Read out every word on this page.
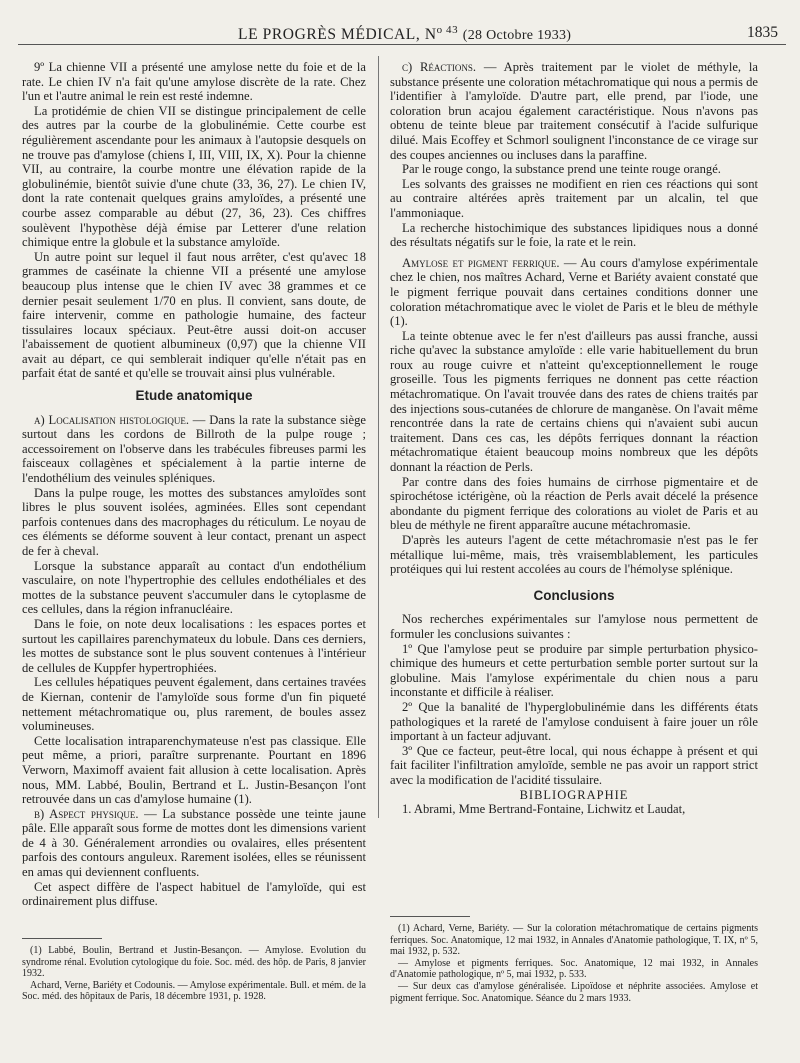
LE PROGRÈS MÉDICAL, $N^{o 43}$ (28 Octobre 1933)	1835

9º La chienne VII a présenté une amylose nette du foie et de la rate. Le chien IV n'a fait qu'une amylose discrète de la rate. Chez l'un et l'autre animal le rein est resté indemne.

La protidémie de chien VII se distingue principalement de celle des autres par la courbe de la globulinémie. Cette courbe est régulièrement ascendante pour les animaux à l'autopsie desquels on ne trouve pas d'amylose (chiens I, III, VIII, IX, X). Pour la chienne VII, au contraire, la courbe montre une élévation rapide de la globulinémie, bientôt suivie d'une chute (33, 36, 27). Le chien IV, dont la rate contenait quelques grains amyloïdes, a présenté une courbe assez comparable au début (27, 36, 23). Ces chiffres soulèvent l'hypothèse déjà émise par Letterer d'une relation chimique entre la globule et la substance amyloïde.

Un autre point sur lequel il faut nous arrêter, c'est qu'avec 18 grammes de caséinate la chienne VII a présenté une amylose beaucoup plus intense que le chien IV avec 38 grammes et ce dernier pesait seulement 1/70 en plus. Il convient, sans doute, de faire intervenir, comme en pathologie humaine, des facteur tissulaires locaux spéciaux. Peut-être aussi doit-on accuser l'abaissement de quotient albumineux (0,97) que la chienne VII avait au départ, ce qui semblerait indiquer qu'elle n'était pas en parfait état de santé et qu'elle se trouvait ainsi plus vulnérable.

Etude anatomique

a) Localisation histologique. — Dans la rate la substance siège surtout dans les cordons de Billroth de la pulpe rouge ; accessoirement on l'observe dans les trabécules fibreuses parmi les faisceaux collagènes et spécialement à la partie interne de l'endothélium des veinules spléniques.

Dans la pulpe rouge, les mottes des substances amyloïdes sont libres le plus souvent isolées, agminées. Elles sont cependant parfois contenues dans des macrophages du réticulum. Le noyau de ces éléments se déforme souvent à leur contact, prenant un aspect de fer à cheval.

Lorsque la substance apparaît au contact d'un endothélium vasculaire, on note l'hypertrophie des cellules endothéliales et des mottes de la substance peuvent s'accumuler dans le cytoplasme de ces cellules, dans la région infranucléaire.

Dans le foie, on note deux localisations : les espaces portes et surtout les capillaires parenchymateux du lobule. Dans ces derniers, les mottes de substance sont le plus souvent contenues à l'intérieur de cellules de Kuppfer hypertrophiées.

Les cellules hépatiques peuvent également, dans certaines travées de Kiernan, contenir de l'amyloïde sous forme d'un fin piqueté nettement métachromatique ou, plus rarement, de boules assez volumineuses.

Cette localisation intraparenchymateuse n'est pas classique. Elle peut même, a priori, paraître surprenante. Pourtant en 1896 Verworn, Maximoff avaient fait allusion à cette localisation. Après nous, MM. Labbé, Boulin, Bertrand et L. Justin-Besançon l'ont retrouvée dans un cas d'amylose humaine (1).

b) Aspect physique. — La substance possède une teinte jaune pâle. Elle apparaît sous forme de mottes dont les dimensions varient de 4 à 30. Généralement arrondies ou ovalaires, elles présentent parfois des contours anguleux. Rarement isolées, elles se réunissent en amas qui deviennent confluents.

Cet aspect diffère de l'aspect habituel de l'amyloïde, qui est ordinairement plus diffuse.

(1) Labbé, Boulin, Bertrand et Justin-Besançon. — Amylose. Evolution du syndrome rénal. Evolution cytologique du foie. Soc. méd. des hôp. de Paris, 8 janvier 1932.

Achard, Verne, Bariéty et Codounis. — Amylose expérimentale. Bull. et mém. de la Soc. méd. des hôpitaux de Paris, 18 décembre 1931, p. 1928.

c) Réactions. — Après traitement par le violet de méthyle, la substance présente une coloration métachromatique qui nous a permis de l'identifier à l'amyloïde. D'autre part, elle prend, par l'iode, une coloration brun acajou également caractéristique. Nous n'avons pas obtenu de teinte bleue par traitement consécutif à l'acide sulfurique dilué. Mais Ecoffey et Schmorl soulignent l'inconstance de ce virage sur des coupes anciennes ou incluses dans la paraffine.

Par le rouge congo, la substance prend une teinte rouge orangé.

Les solvants des graisses ne modifient en rien ces réactions qui sont au contraire altérées après traitement par un alcalin, tel que l'ammoniaque.

La recherche histochimique des substances lipidiques nous a donné des résultats négatifs sur le foie, la rate et le rein.

Amylose et pigment ferrique. — Au cours d'amylose expérimentale chez le chien, nos maîtres Achard, Verne et Bariéty avaient constaté que le pigment ferrique pouvait dans certaines conditions donner une coloration métachromatique avec le violet de Paris et le bleu de méthyle (1).

La teinte obtenue avec le fer n'est d'ailleurs pas aussi franche, aussi riche qu'avec la substance amyloïde : elle varie habituellement du brun roux au rouge cuivre et n'atteint qu'exceptionnellement le rouge groseille. Tous les pigments ferriques ne donnent pas cette réaction métachromatique. On l'avait trouvée dans des rates de chiens traités par des injections sous-cutanées de chlorure de manganèse. On l'avait même rencontrée dans la rate de certains chiens qui n'avaient subi aucun traitement. Dans ces cas, les dépôts ferriques donnant la réaction métachromatique étaient beaucoup moins nombreux que les dépôts donnant la réaction de Perls.

Par contre dans des foies humains de cirrhose pigmentaire et de spirochétose ictérigène, où la réaction de Perls avait décelé la présence abondante du pigment ferrique des colorations au violet de Paris et au bleu de méthyle ne firent apparaître aucune métachromasie.

D'après les auteurs l'agent de cette métachromasie n'est pas le fer métallique lui-même, mais, très vraisemblablement, les particules protéiques qui lui restent accolées au cours de l'hémolyse splénique.

Conclusions

Nos recherches expérimentales sur l'amylose nous permettent de formuler les conclusions suivantes :

1º Que l'amylose peut se produire par simple perturbation physico-chimique des humeurs et cette perturbation semble porter surtout sur la globuline. Mais l'amylose expérimentale du chien nous a paru inconstante et difficile à réaliser.

2º Que la banalité de l'hyperglobulinémie dans les différents états pathologiques et la rareté de l'amylose conduisent à faire jouer un rôle important à un facteur adjuvant.

3º Que ce facteur, peut-être local, qui nous échappe à présent et qui fait faciliter l'infiltration amyloïde, semble ne pas avoir un rapport strict avec la modification de l'acidité tissulaire.

BIBLIOGRAPHIE

1. Abrami, Mme Bertrand-Fontaine, Lichwitz et Laudat,

(1) Achard, Verne, Bariéty. — Sur la coloration métachromatique de certains pigments ferriques. Soc. Anatomique, 12 mai 1932, in Annales d'Anatomie pathologique, T. IX, nº 5, mai 1932, p. 532.

— Amylose et pigments ferriques. Soc. Anatomique, 12 mai 1932, in Annales d'Anatomie pathologique, nº 5, mai 1932, p. 533.

— Sur deux cas d'amylose généralisée. Lipoïdose et néphrite associées. Amylose et pigment ferrique. Soc. Anatomique. Séance du 2 mars 1933.
